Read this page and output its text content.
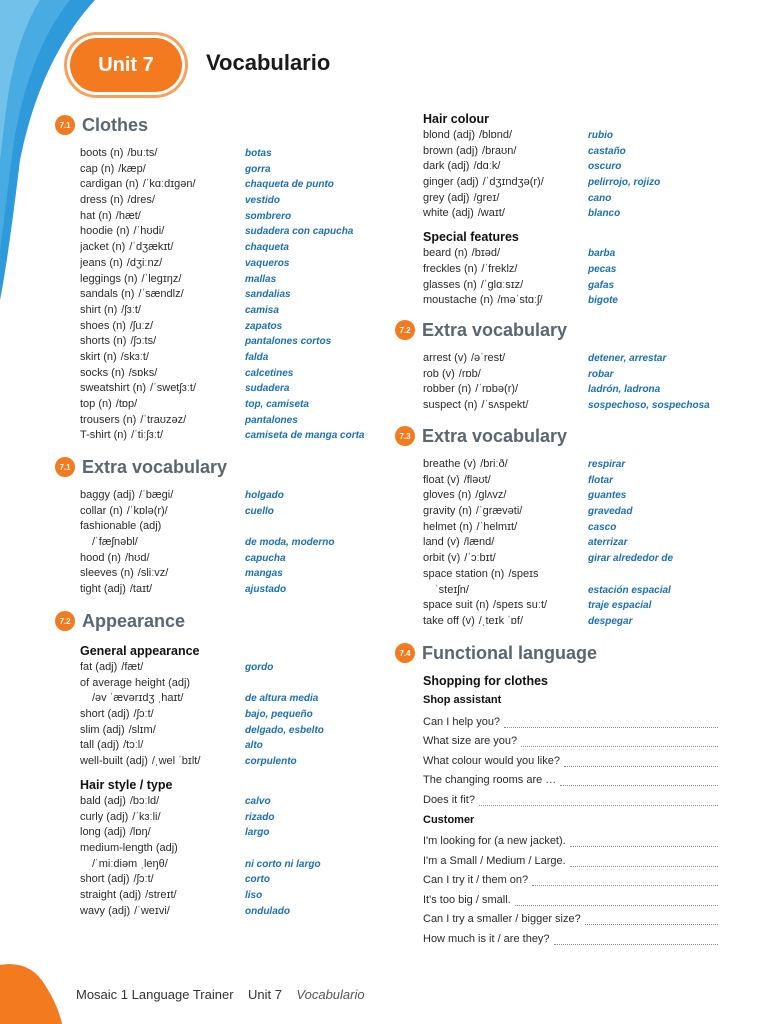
Unit 7 Vocabulario
7.1 Clothes
boots (n) /buːts/	botas
cap (n) /kæp/	gorra
cardigan (n) /ˈkɑːdɪɡən/	chaqueta de punto
dress (n) /dres/	vestido
hat (n) /hæt/	sombrero
hoodie (n) /ˈhʊdi/	sudadera con capucha
jacket (n) /ˈdʒækɪt/	chaqueta
jeans (n) /dʒiːnz/	vaqueros
leggings (n) /ˈleɡɪŋz/	mallas
sandals (n) /ˈsændlz/	sandalias
shirt (n) /ʃɜːt/	camisa
shoes (n) /ʃuːz/	zapatos
shorts (n) /ʃɔːts/	pantalones cortos
skirt (n) /skɜːt/	falda
socks (n) /sɒks/	calcetines
sweatshirt (n) /ˈswetʃɜːt/	sudadera
top (n) /tɒp/	top, camiseta
trousers (n) /ˈtraʊzəz/	pantalones
T-shirt (n) /ˈtiːʃɜːt/	camiseta de manga corta
7.1 Extra vocabulary
baggy (adj) /ˈbæɡi/	holgado
collar (n) /ˈkɒlə(r)/	cuello
fashionable (adj)
/ˈfæʃnəbl/	de moda, moderno
hood (n) /hʊd/	capucha
sleeves (n) /sliːvz/	mangas
tight (adj) /taɪt/	ajustado
7.2 Appearance
General appearance
fat (adj) /fæt/	gordo
of average height (adj)
/əv ˈævərɪdʒ ˌhaɪt/	de altura media
short (adj) /ʃɔːt/	bajo, pequeño
slim (adj) /slɪm/	delgado, esbelto
tall (adj) /tɔːl/	alto
well-built (adj) /ˌwel ˈbɪlt/	corpulento
Hair style / type
bald (adj) /bɔːld/	calvo
curly (adj) /ˈkɜːli/	rizado
long (adj) /lɒŋ/	largo
medium-length (adj)
/ˈmiːdiəm ˌleŋθ/	ni corto ni largo
short (adj) /ʃɔːt/	corto
straight (adj) /streɪt/	liso
wavy (adj) /ˈweɪvi/	ondulado
Hair colour
blond (adj) /blɒnd/	rubio
brown (adj) /braʊn/	castaño
dark (adj) /dɑːk/	oscuro
ginger (adj) /ˈdʒɪndʒə(r)/	pelirrojo, rojizo
grey (adj) /ɡreɪ/	cano
white (adj) /waɪt/	blanco
Special features
beard (n) /bɪəd/	barba
freckles (n) /ˈfreklz/	pecas
glasses (n) /ˈɡlɑːsɪz/	gafas
moustache (n) /məˈstɑːʃ/	bigote
7.2 Extra vocabulary
arrest (v) /əˈrest/	detener, arrestar
rob (v) /rɒb/	robar
robber (n) /ˈrɒbə(r)/	ladrón, ladrona
suspect (n) /ˈsʌspekt/	sospechoso, sospechosa
7.3 Extra vocabulary
breathe (v) /briːð/	respirar
float (v) /fləʊt/	flotar
gloves (n) /ɡlʌvz/	guantes
gravity (n) /ˈɡrævəti/	gravedad
helmet (n) /ˈhelmɪt/	casco
land (v) /lænd/	aterrizar
orbit (v) /ˈɔːbɪt/	girar alrededor de
space station (n) /speɪs
ˈsteɪʃn/	estación espacial
space suit (n) /speɪs suːt/	traje espacial
take off (v) /ˌteɪk ˈɒf/	despegar
7.4 Functional language
Shopping for clothes
Shop assistant
Can I help you?
What size are you?
What colour would you like?
The changing rooms are …
Does it fit?
Customer
I'm looking for (a new jacket).
I'm a Small / Medium / Large.
Can I try it / them on?
It's too big / small.
Can I try a smaller / bigger size?
How much is it / are they?
Mosaic 1 Language Trainer Unit 7 Vocabulario
